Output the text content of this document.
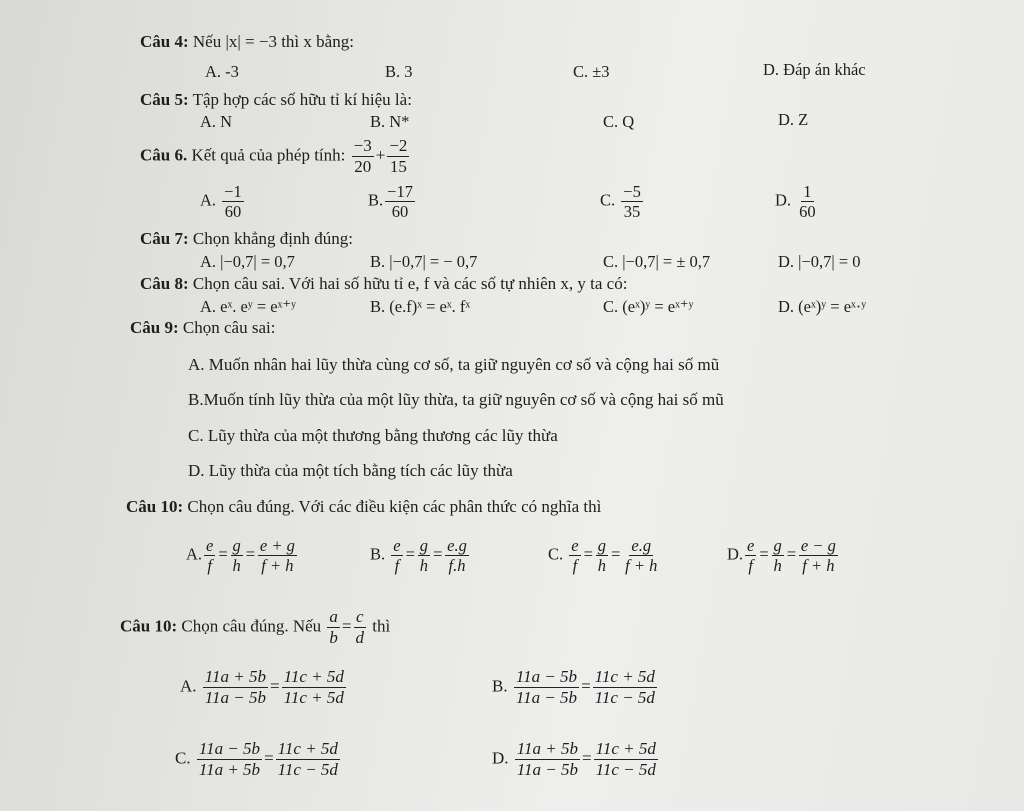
Câu 4: Nếu |x| = −3 thì x bằng:
A. -3	B. 3	C. ±3	D. Đáp án khác
Câu 5: Tập hợp các số hữu tỉ kí hiệu là:
A. N	B. N*	C. Q	D. Z
Câu 6. Kết quả của phép tính: $\frac{-3}{20} + \frac{-2}{15}$
A. $\frac{-1}{60}$	B. $\frac{-17}{60}$	C. $\frac{-5}{35}$	D. $\frac{1}{60}$
Câu 7: Chọn khẳng định đúng:
A. |−0,7| = 0,7	B. |−0,7| = − 0,7	C. |−0,7| = ± 0,7	D. |−0,7| = 0
Câu 8: Chọn câu sai. Với hai số hữu tỉ e, f và các số tự nhiên x, y ta có:
A. eˣ. eʸ = eˣ⁺ʸ	B. (e.f)ˣ = eˣ. fˣ	C. (eˣ)ʸ = eˣ⁺ʸ	D. (eˣ)ʸ = eˣ·ʸ
Câu 9: Chọn câu sai:
A. Muốn nhân hai lũy thừa cùng cơ số, ta giữ nguyên cơ số và cộng hai số mũ
B.Muốn tính lũy thừa của một lũy thừa, ta giữ nguyên cơ số và cộng hai số mũ
C. Lũy thừa của một thương bằng thương các lũy thừa
D. Lũy thừa của một tích bằng tích các lũy thừa
Câu 10: Chọn câu đúng. Với các điều kiện các phân thức có nghĩa thì
A. $\frac{e}{f} = \frac{g}{h} = \frac{e + g}{f + h}$	B. $\frac{e}{f} = \frac{g}{h} = \frac{e.g}{f.h}$	C. $\frac{e}{f} = \frac{g}{h} = \frac{e.g}{f + h}$	D. $\frac{e}{f} = \frac{g}{h} = \frac{e - g}{f + h}$
Câu 10: Chọn câu đúng. Nếu $\frac{a}{b} = \frac{c}{d}$ thì
A. $\frac{11a + 5b}{11a - 5b} = \frac{11c + 5d}{11c + 5d}$	B. $\frac{11a - 5b}{11a - 5b} = \frac{11c + 5d}{11c - 5d}$
C. $\frac{11a - 5b}{11a + 5b} = \frac{11c + 5d}{11c - 5d}$	D. $\frac{11a + 5b}{11a - 5b} = \frac{11c + 5d}{11c - 5d}$
